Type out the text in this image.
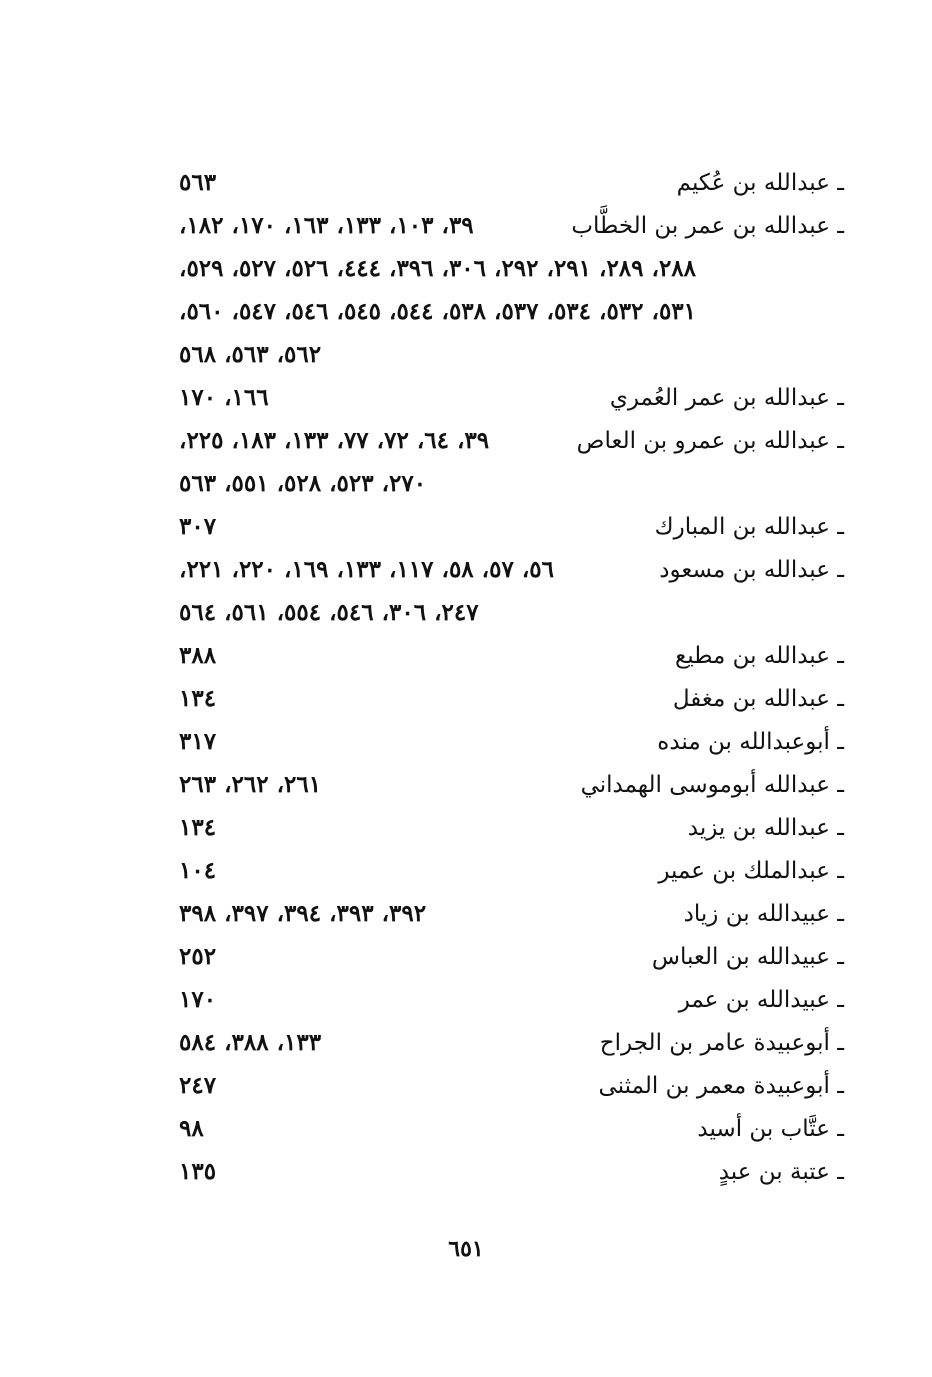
ـ عبدالله بن عُكيم
٥٦٣
ـ عبدالله بن عمر بن الخطَّاب
٣٩، ١٠٣، ١٣٣، ١٦٣، ١٧٠، ١٨٢،
٢٨٨، ٢٨٩، ٢٩١، ٢٩٢، ٣٠٦، ٣٩٦، ٤٤٤، ٥٢٦، ٥٢٧، ٥٢٩،
٥٣١، ٥٣٢، ٥٣٤، ٥٣٧، ٥٣٨، ٥٤٤، ٥٤٥، ٥٤٦، ٥٤٧، ٥٦٠،
٥٦٢، ٥٦٣، ٥٦٨
ـ عبدالله بن عمر العُمري
١٦٦، ١٧٠
ـ عبدالله بن عمرو بن العاص
٣٩، ٦٤، ٧٢، ٧٧، ١٣٣، ١٨٣، ٢٢٥،
٢٧٠، ٥٢٣، ٥٢٨، ٥٥١، ٥٦٣
ـ عبدالله بن المبارك
٣٠٧
ـ عبدالله بن مسعود
٥٦، ٥٧، ٥٨، ١١٧، ١٣٣، ١٦٩، ٢٢٠، ٢٢١،
٢٤٧، ٣٠٦، ٥٤٦، ٥٥٤، ٥٦١، ٥٦٤
ـ عبدالله بن مطيع
٣٨٨
ـ عبدالله بن مغفل
١٣٤
ـ أبوعبدالله بن منده
٣١٧
ـ عبدالله أبوموسى الهمداني
٢٦١، ٢٦٢، ٢٦٣
ـ عبدالله بن يزيد
١٣٤
ـ عبدالملك بن عمير
١٠٤
ـ عبيدالله بن زياد
٣٩٢، ٣٩٣، ٣٩٤، ٣٩٧، ٣٩٨
ـ عبيدالله بن العباس
٢٥٢
ـ عبيدالله بن عمر
١٧٠
ـ أبوعبيدة عامر بن الجراح
١٣٣، ٣٨٨، ٥٨٤
ـ أبوعبيدة معمر بن المثنى
٢٤٧
ـ عتَّاب بن أسيد
٩٨
ـ عتبة بن عبدٍ
١٣٥
٦٥١
